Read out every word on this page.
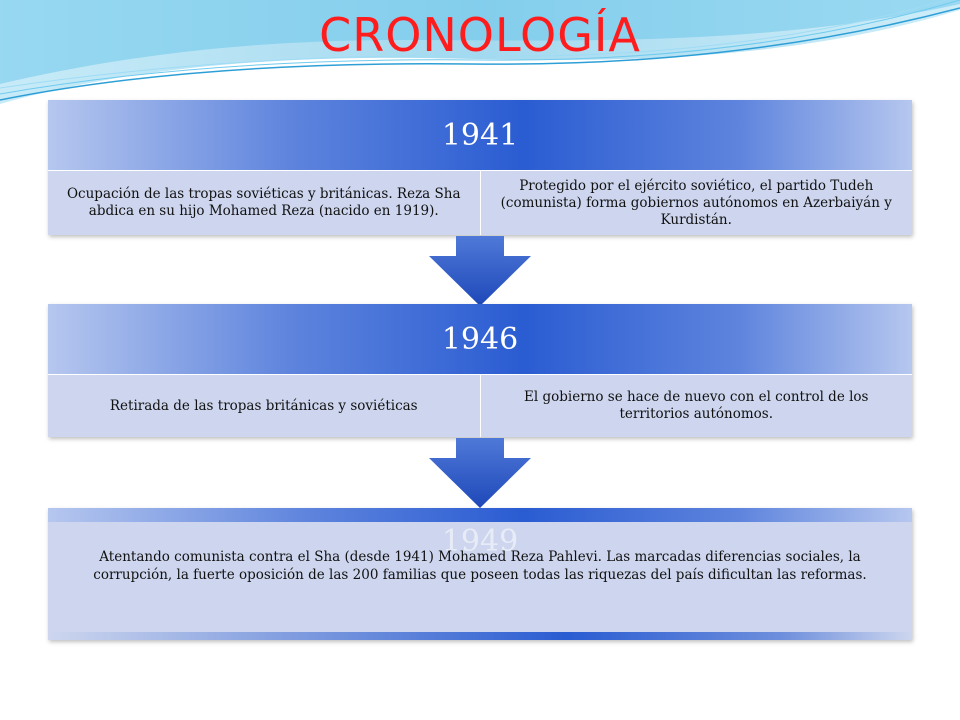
CRONOLOGÍA
1941
Ocupación de las tropas soviéticas y británicas. Reza Sha abdica en su hijo Mohamed Reza (nacido en 1919).
Protegido por el ejército soviético, el partido Tudeh (comunista) forma gobiernos autónomos en Azerbaiyán y Kurdistán.
1946
Retirada de las tropas británicas y soviéticas
El gobierno se hace de nuevo con el control de los territorios autónomos.
1949
Atentando comunista contra el Sha (desde 1941) Mohamed Reza Pahlevi. Las marcadas diferencias sociales, la corrupción, la fuerte oposición de las 200 familias que poseen todas las riquezas del país dificultan las reformas.
